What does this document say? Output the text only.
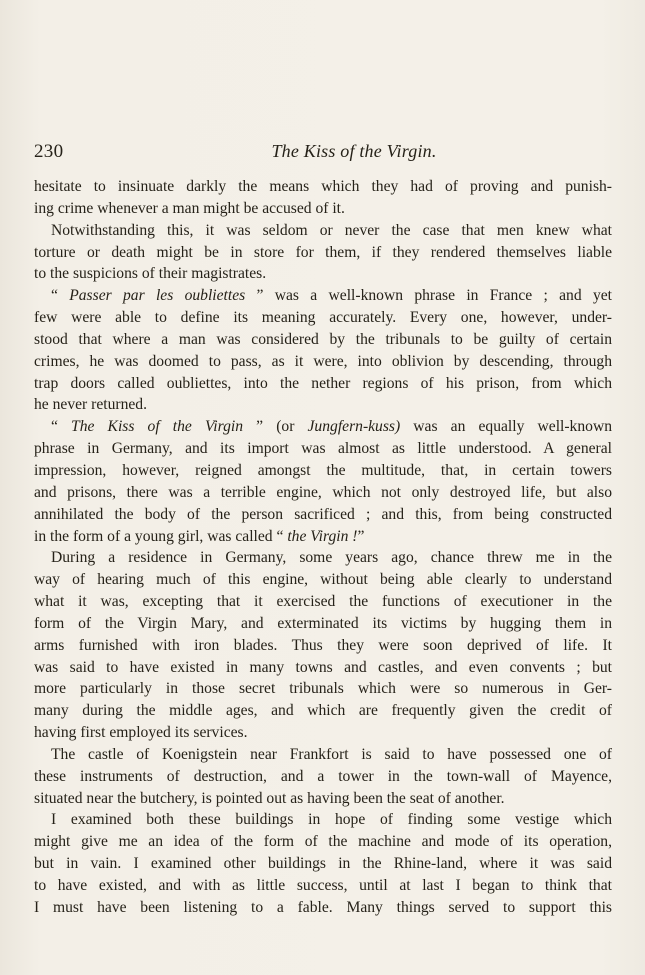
230	The Kiss of the Virgin.
hesitate to insinuate darkly the means which they had of proving and punish-
ing crime whenever a man might be accused of it.
Notwithstanding this, it was seldom or never the case that men knew what
torture or death might be in store for them, if they rendered themselves liable
to the suspicions of their magistrates.
“ Passer par les oubliettes ” was a well-known phrase in France ; and yet
few were able to define its meaning accurately. Every one, however, under-
stood that where a man was considered by the tribunals to be guilty of certain
crimes, he was doomed to pass, as it were, into oblivion by descending, through
trap doors called oubliettes, into the nether regions of his prison, from which
he never returned.
“ The Kiss of the Virgin ” (or Jungfern-kuss) was an equally well-known
phrase in Germany, and its import was almost as little understood. A general
impression, however, reigned amongst the multitude, that, in certain towers
and prisons, there was a terrible engine, which not only destroyed life, but also
annihilated the body of the person sacrificed ; and this, from being constructed
in the form of a young girl, was called “ the Virgin !”
During a residence in Germany, some years ago, chance threw me in the
way of hearing much of this engine, without being able clearly to understand
what it was, excepting that it exercised the functions of executioner in the
form of the Virgin Mary, and exterminated its victims by hugging them in
arms furnished with iron blades. Thus they were soon deprived of life. It
was said to have existed in many towns and castles, and even convents ; but
more particularly in those secret tribunals which were so numerous in Ger-
many during the middle ages, and which are frequently given the credit of
having first employed its services.
The castle of Koenigstein near Frankfort is said to have possessed one of
these instruments of destruction, and a tower in the town-wall of Mayence,
situated near the butchery, is pointed out as having been the seat of another.
I examined both these buildings in hope of finding some vestige which
might give me an idea of the form of the machine and mode of its operation,
but in vain. I examined other buildings in the Rhine-land, where it was said
to have existed, and with as little success, until at last I began to think that
I must have been listening to a fable. Many things served to support this
